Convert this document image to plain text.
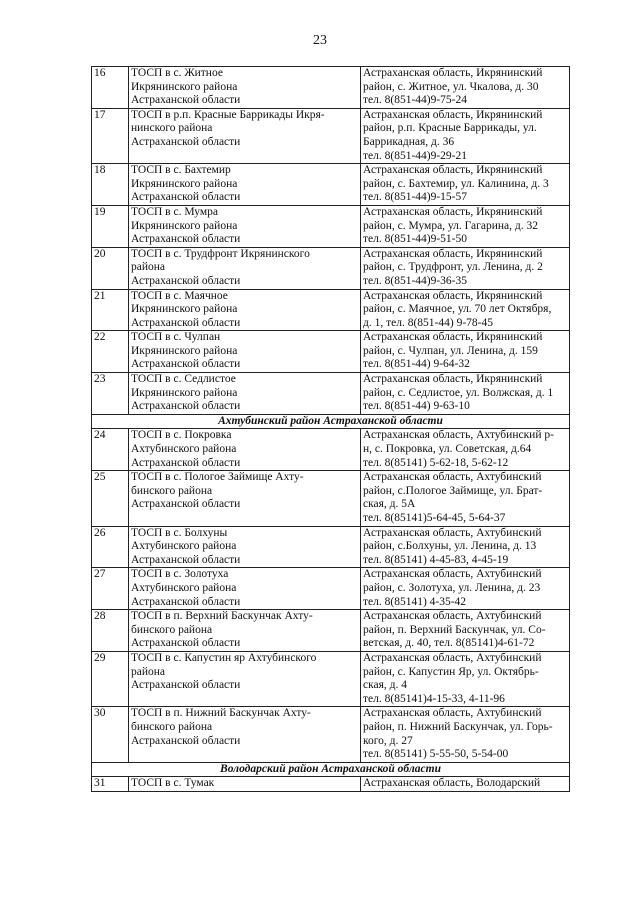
23
16	ТОСП в с. Житное
Икрянинского района
Астраханской области	Астраханская область, Икрянинский
район, с. Житное, ул. Чкалова, д. 30
тел. 8(851-44)9-75-24

17	ТОСП в р.п. Красные Баррикады Икря-
нинского района
Астраханской области	Астраханская область, Икрянинский
район, р.п. Красные Баррикады, ул.
Баррикадная, д. 36
тел. 8(851-44)9-29-21

18	ТОСП в с. Бахтемир
Икрянинского района
Астраханской области	Астраханская область, Икрянинский
район, с. Бахтемир, ул. Калинина, д. 3
тел. 8(851-44)9-15-57

19	ТОСП в с. Мумра
Икрянинского района
Астраханской области	Астраханская область, Икрянинский
район, с. Мумра, ул. Гагарина, д. 32
тел. 8(851-44)9-51-50

20	ТОСП в с. Трудфронт Икрянинского
района
Астраханской области	Астраханская область, Икрянинский
район, с. Трудфронт, ул. Ленина, д. 2
тел. 8(851-44)9-36-35

21	ТОСП в с. Маячное
Икрянинского района
Астраханской области	Астраханская область, Икрянинский
район, с. Маячное, ул. 70 лет Октября,
д. 1, тел. 8(851-44) 9-78-45

22	ТОСП в с. Чулпан
Икрянинского района
Астраханской области	Астраханская область, Икрянинский
район, с. Чулпан, ул. Ленина, д. 159
тел. 8(851-44) 9-64-32

23	ТОСП в с. Седлистое
Икрянинского района
Астраханской области	Астраханская область, Икрянинский
район, с. Седлистое, ул. Волжская, д. 1
тел. 8(851-44) 9-63-10

Ахтубинский район Астраханской области		
24	ТОСП в с. Покровка
Ахтубинского района
Астраханской области	Астраханская область, Ахтубинский р-
н, с. Покровка, ул. Советская, д.64
тел. 8(85141) 5-62-18, 5-62-12

25	ТОСП в с. Пологое Займище Ахту-
бинского района
Астраханской области	Астраханская область, Ахтубинский
район, с.Пологое Займище, ул. Брат-
ская, д. 5А
тел. 8(85141)5-64-45, 5-64-37

26	ТОСП в с. Болхуны
Ахтубинского района
Астраханской области	Астраханская область, Ахтубинский
район, с.Болхуны, ул. Ленина, д. 13
тел. 8(85141) 4-45-83, 4-45-19

27	ТОСП в с. Золотуха
Ахтубинского района
Астраханской области	Астраханская область, Ахтубинский
район, с. Золотуха, ул. Ленина, д. 23
тел. 8(85141) 4-35-42

28	ТОСП в п. Верхний Баскунчак Ахту-
бинского района
Астраханской области	Астраханская область, Ахтубинский
район, п. Верхний Баскунчак, ул. Со-
ветская, д. 40, тел. 8(85141)4-61-72

29	ТОСП в с. Капустин яр Ахтубинского
района
Астраханской области	Астраханская область, Ахтубинский
район, с. Капустин Яр, ул. Октябрь-
ская, д. 4
тел. 8(85141)4-15-33, 4-11-96

30	ТОСП в п. Нижний Баскунчак Ахту-
бинского района
Астраханской области	Астраханская область, Ахтубинский
район, п. Нижний Баскунчак, ул. Горь-
кого, д. 27
тел. 8(85141) 5-55-50, 5-54-00

Володарский район Астраханской области		
31	ТОСП в с. Тумак	Астраханская область, Володарский
